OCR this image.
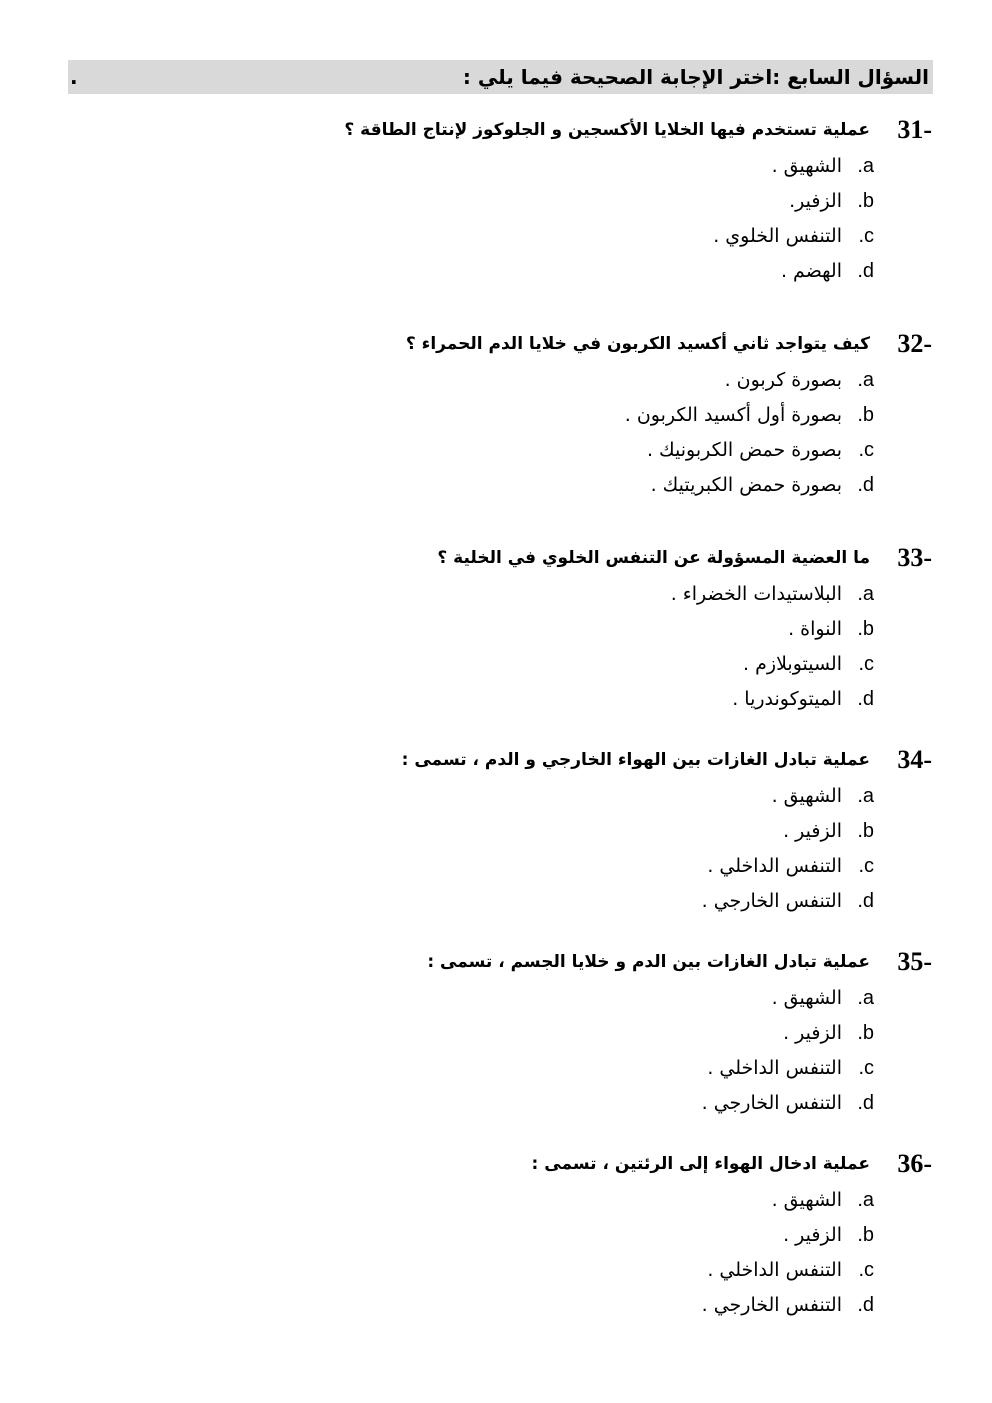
.	السؤال السابع :اختر الإجابة الصحيحة فيما يلي :
31-
عملية تستخدم فيها الخلايا الأكسجين و الجلوكوز لإنتاج الطاقة ؟
.a
الشهيق .
.b
الزفير.
.c
التنفس الخلوي .
.d
الهضم .
32-
كيف يتواجد ثاني أكسيد الكربون في خلايا الدم الحمراء ؟
.a
بصورة كربون .
.b
بصورة أول أكسيد الكربون .
.c
بصورة حمض الكربونيك .
.d
بصورة حمض الكبريتيك .
33-
ما العضية المسؤولة عن التنفس الخلوي في الخلية ؟
.a
البلاستيدات الخضراء .
.b
النواة .
.c
السيتوبلازم .
.d
الميتوكوندريا .
34-
عملية تبادل الغازات بين الهواء الخارجي و الدم ، تسمى :
.a
الشهيق .
.b
الزفير .
.c
التنفس الداخلي .
.d
التنفس الخارجي .
35-
عملية تبادل الغازات بين الدم و خلايا الجسم ، تسمى :
.a
الشهيق .
.b
الزفير .
.c
التنفس الداخلي .
.d
التنفس الخارجي .
36-
عملية ادخال الهواء إلى الرئتين ، تسمى :
.a
الشهيق .
.b
الزفير .
.c
التنفس الداخلي .
.d
التنفس الخارجي .
